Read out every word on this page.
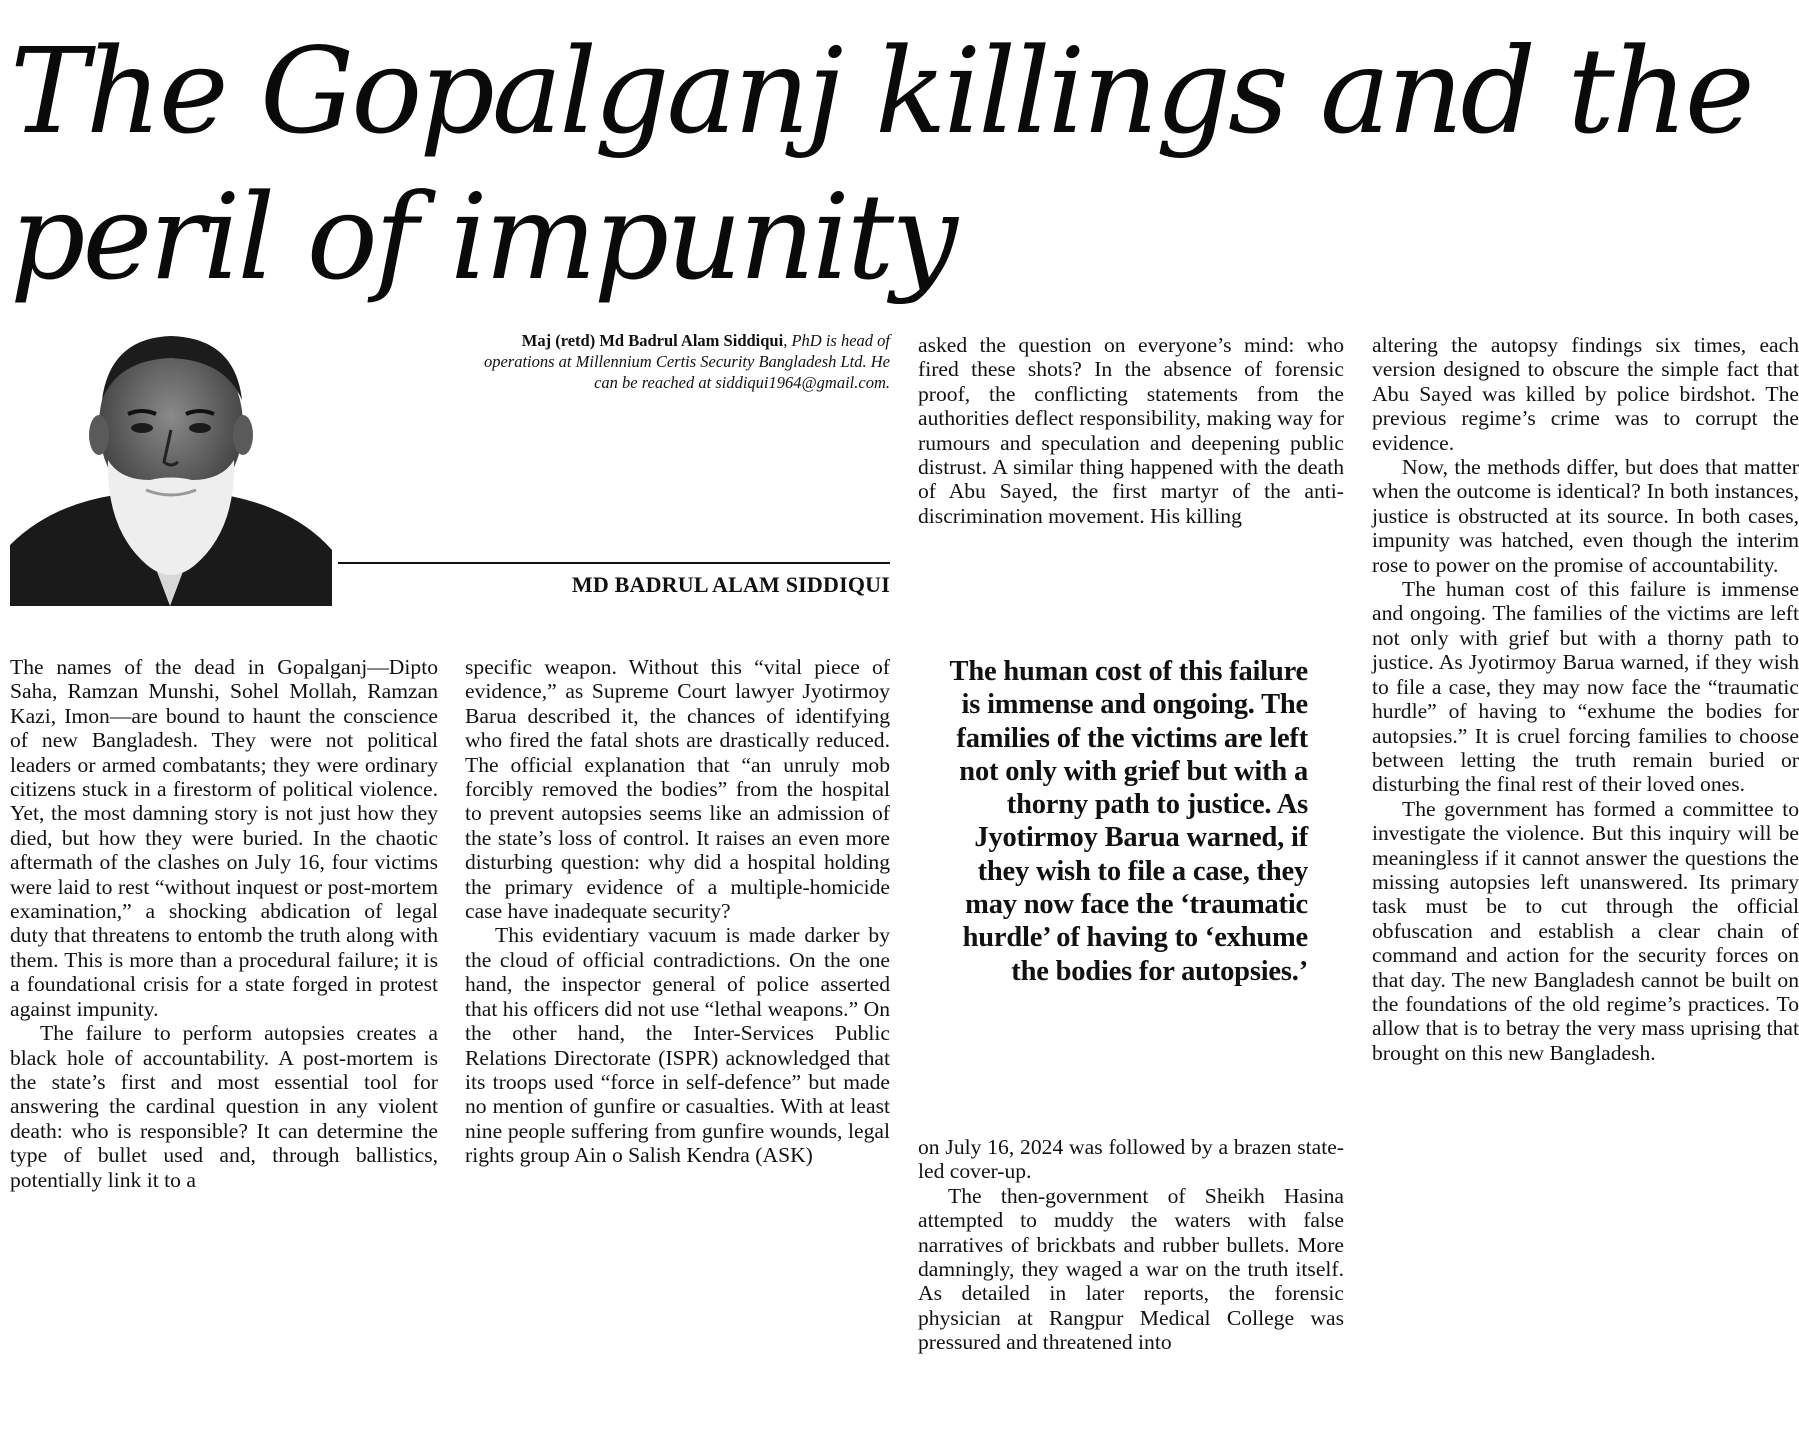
The Gopalganj killings and the peril of impunity
Maj (retd) Md Badrul Alam Siddiqui, PhD is head of operations at Millennium Certis Security Bangladesh Ltd. He can be reached at siddiqui1964@gmail.com.
MD BADRUL ALAM SIDDIQUI

The names of the dead in Gopalganj—Dipto Saha, Ramzan Munshi, Sohel Mollah, Ramzan Kazi, Imon—are bound to haunt the conscience of new Bangladesh. They were not political leaders or armed combatants; they were ordinary citizens stuck in a firestorm of political violence. Yet, the most damning story is not just how they died, but how they were buried. In the chaotic aftermath of the clashes on July 16, four victims were laid to rest “without inquest or post-mortem examination,” a shocking abdication of legal duty that threatens to entomb the truth along with them. This is more than a procedural failure; it is a foundational crisis for a state forged in protest against impunity.

The failure to perform autopsies creates a black hole of accountability. A post-mortem is the state’s first and most essential tool for answering the cardinal question in any violent death: who is responsible? It can determine the type of bullet used and, through ballistics, potentially link it to a

specific weapon. Without this “vital piece of evidence,” as Supreme Court lawyer Jyotirmoy Barua described it, the chances of identifying who fired the fatal shots are drastically reduced. The official explanation that “an unruly mob forcibly removed the bodies” from the hospital to prevent autopsies seems like an admission of the state’s loss of control. It raises an even more disturbing question: why did a hospital holding the primary evidence of a multiple-homicide case have inadequate security?

This evidentiary vacuum is made darker by the cloud of official contradictions. On the one hand, the inspector general of police asserted that his officers did not use “lethal weapons.” On the other hand, the Inter-Services Public Relations Directorate (ISPR) acknowledged that its troops used “force in self-defence” but made no mention of gunfire or casualties. With at least nine people suffering from gunfire wounds, legal rights group Ain o Salish Kendra (ASK)

asked the question on everyone’s mind: who fired these shots? In the absence of forensic proof, the conflicting statements from the authorities deflect responsibility, making way for rumours and speculation and deepening public distrust. A similar thing happened with the death of Abu Sayed, the first martyr of the anti-discrimination movement. His killing

The human cost of this failure is immense and ongoing. The families of the victims are left not only with grief but with a thorny path to justice. As Jyotirmoy Barua warned, if they wish to file a case, they may now face the ‘traumatic hurdle’ of having to ‘exhume the bodies for autopsies.’

on July 16, 2024 was followed by a brazen state-led cover-up.

The then-government of Sheikh Hasina attempted to muddy the waters with false narratives of brickbats and rubber bullets. More damningly, they waged a war on the truth itself. As detailed in later reports, the forensic physician at Rangpur Medical College was pressured and threatened into

altering the autopsy findings six times, each version designed to obscure the simple fact that Abu Sayed was killed by police birdshot. The previous regime’s crime was to corrupt the evidence.

Now, the methods differ, but does that matter when the outcome is identical? In both instances, justice is obstructed at its source. In both cases, impunity was hatched, even though the interim rose to power on the promise of accountability.

The human cost of this failure is immense and ongoing. The families of the victims are left not only with grief but with a thorny path to justice. As Jyotirmoy Barua warned, if they wish to file a case, they may now face the “traumatic hurdle” of having to “exhume the bodies for autopsies.” It is cruel forcing families to choose between letting the truth remain buried or disturbing the final rest of their loved ones.

The government has formed a committee to investigate the violence. But this inquiry will be meaningless if it cannot answer the questions the missing autopsies left unanswered. Its primary task must be to cut through the official obfuscation and establish a clear chain of command and action for the security forces on that day. The new Bangladesh cannot be built on the foundations of the old regime’s practices. To allow that is to betray the very mass uprising that brought on this new Bangladesh.
